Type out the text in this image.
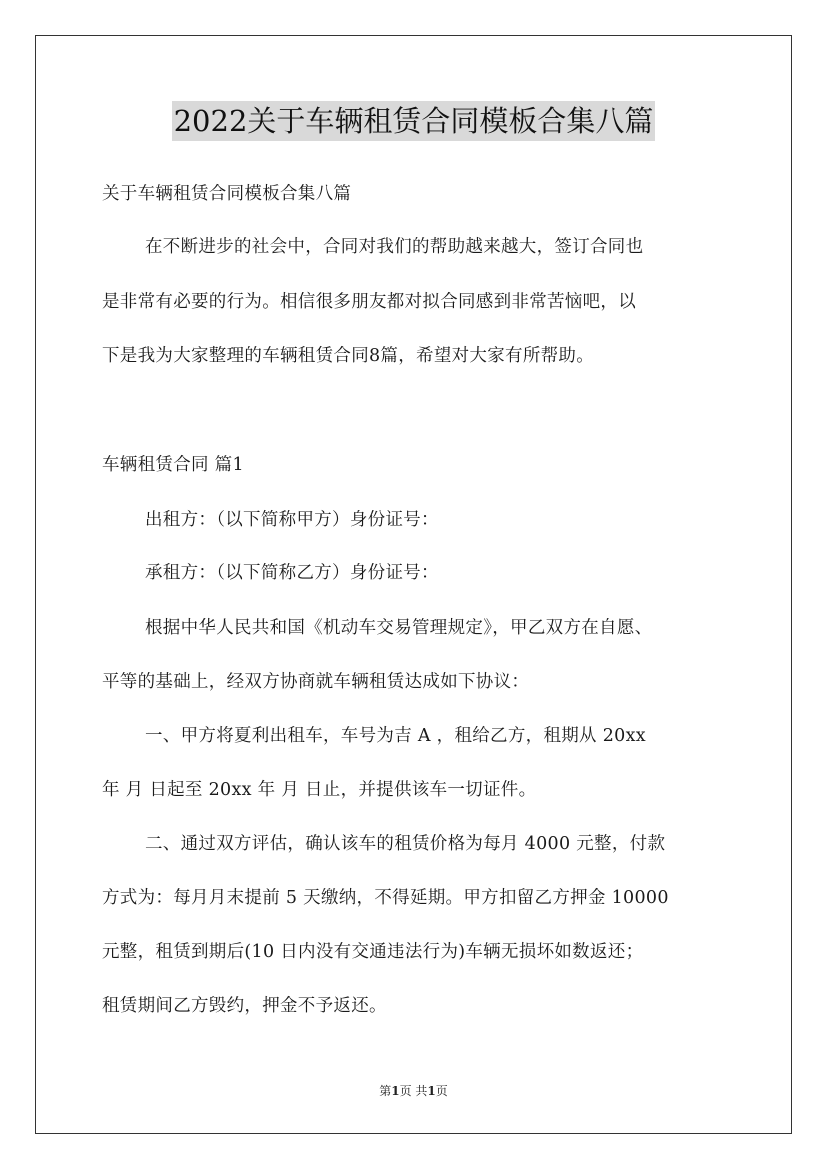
2022关于车辆租赁合同模板合集八篇
关于车辆租赁合同模板合集八篇
在不断进步的社会中，合同对我们的帮助越来越大，签订合同也
是非常有必要的行为。相信很多朋友都对拟合同感到非常苦恼吧，以
下是我为大家整理的车辆租赁合同8篇，希望对大家有所帮助。
车辆租赁合同 篇1
出租方：（以下简称甲方）身份证号：
承租方：（以下简称乙方）身份证号：
根据中华人民共和国《机动车交易管理规定》，甲乙双方在自愿、
平等的基础上，经双方协商就车辆租赁达成如下协议：
一、甲方将夏利出租车，车号为吉 A ，租给乙方，租期从 20xx
年 月 日起至 20xx 年 月 日止，并提供该车一切证件。
二、通过双方评估，确认该车的租赁价格为每月 4000 元整，付款
方式为：每月月末提前 5 天缴纳，不得延期。甲方扣留乙方押金 10000
元整，租赁到期后(10 日内没有交通违法行为)车辆无损坏如数返还；
租赁期间乙方毁约，押金不予返还。
第1页 共1页
